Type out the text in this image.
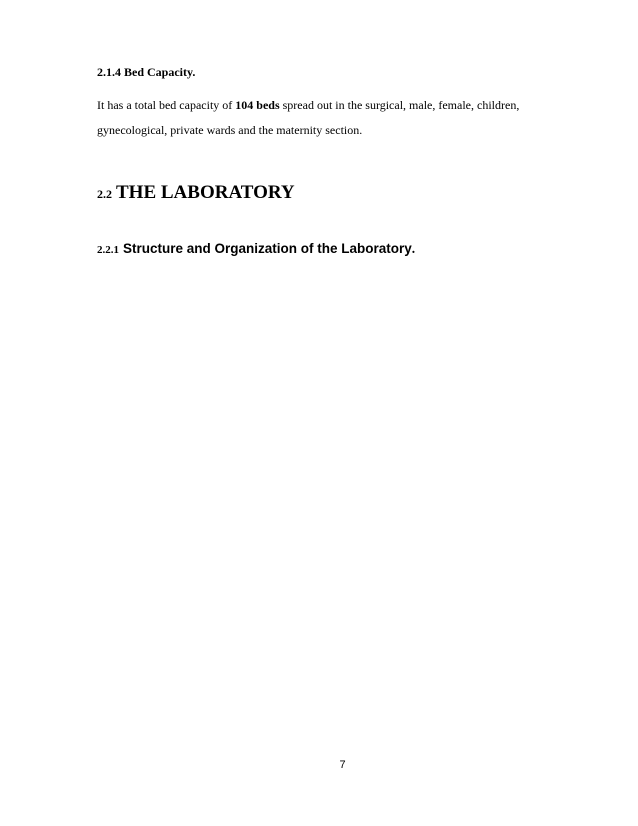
2.1.4 Bed Capacity.
It has a total bed capacity of 104 beds spread out in the surgical, male, female, children,
gynecological, private wards and the maternity section.
2.2 THE LABORATORY
2.2.1 Structure and Organization of the Laboratory.
7
